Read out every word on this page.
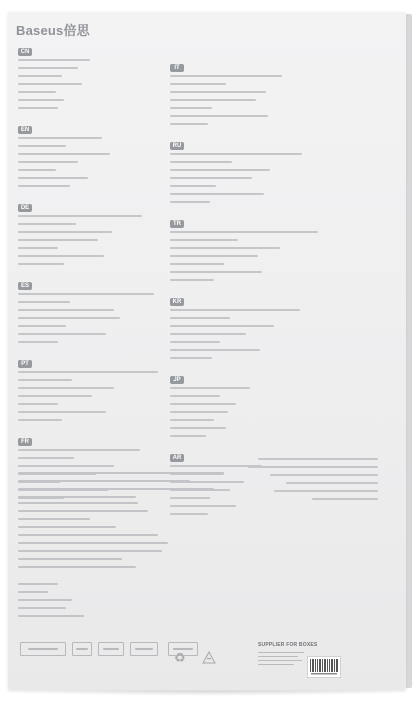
Baseus倍思
CN
EN
DE
ES
PT
FR
IT
RU
TR
KR
JP
AR
♻
SUPPLIER FOR BOXES
